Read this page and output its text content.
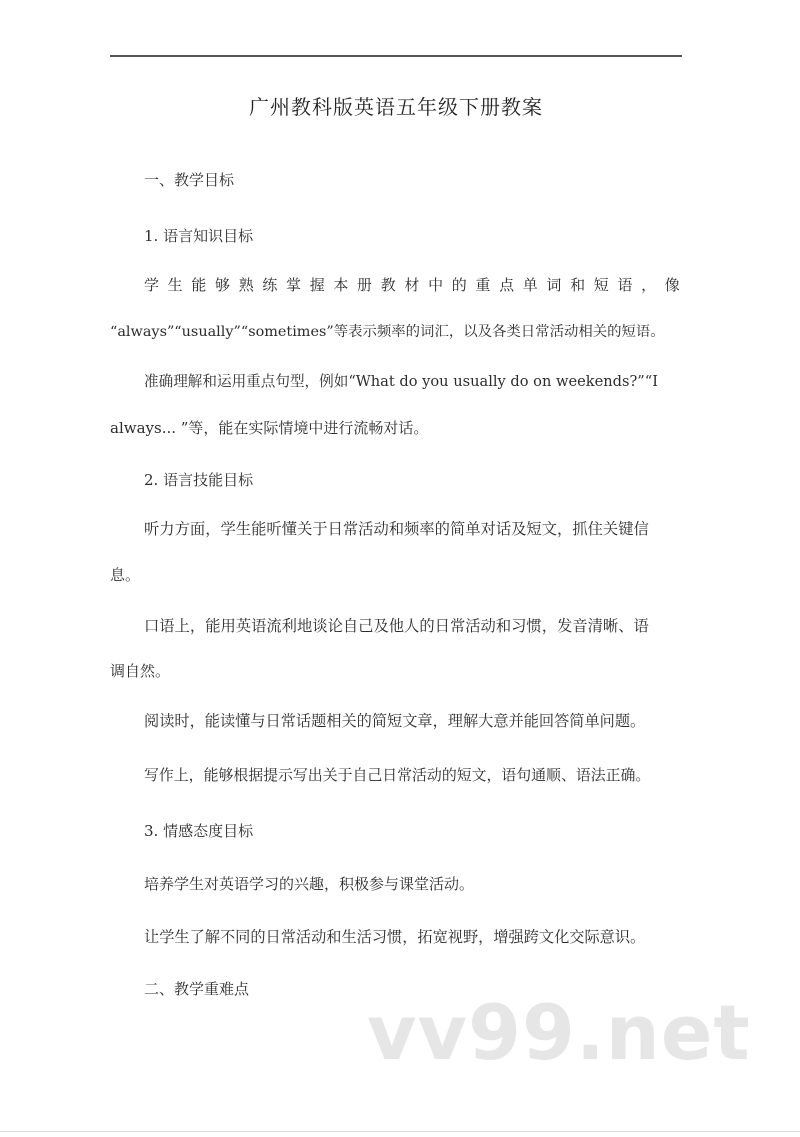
广州教科版英语五年级下册教案

一、教学目标

1. 语言知识目标

学 生 能 够 熟 练 掌 握 本 册 教 材 中 的 重 点 单 词 和 短 语 ， 像

“always”“usually”“sometimes”等表示频率的词汇，以及各类日常活动相关的短语。

准确理解和运用重点句型，例如“What do you usually do on weekends?”“I

always... ”等，能在实际情境中进行流畅对话。

2. 语言技能目标

听力方面，学生能听懂关于日常活动和频率的简单对话及短文，抓住关键信

息。

口语上，能用英语流利地谈论自己及他人的日常活动和习惯，发音清晰、语

调自然。

阅读时，能读懂与日常话题相关的简短文章，理解大意并能回答简单问题。

写作上，能够根据提示写出关于自己日常活动的短文，语句通顺、语法正确。

3. 情感态度目标

培养学生对英语学习的兴趣，积极参与课堂活动。

让学生了解不同的日常活动和生活习惯，拓宽视野，增强跨文化交际意识。

二、教学重难点 vv99.net
